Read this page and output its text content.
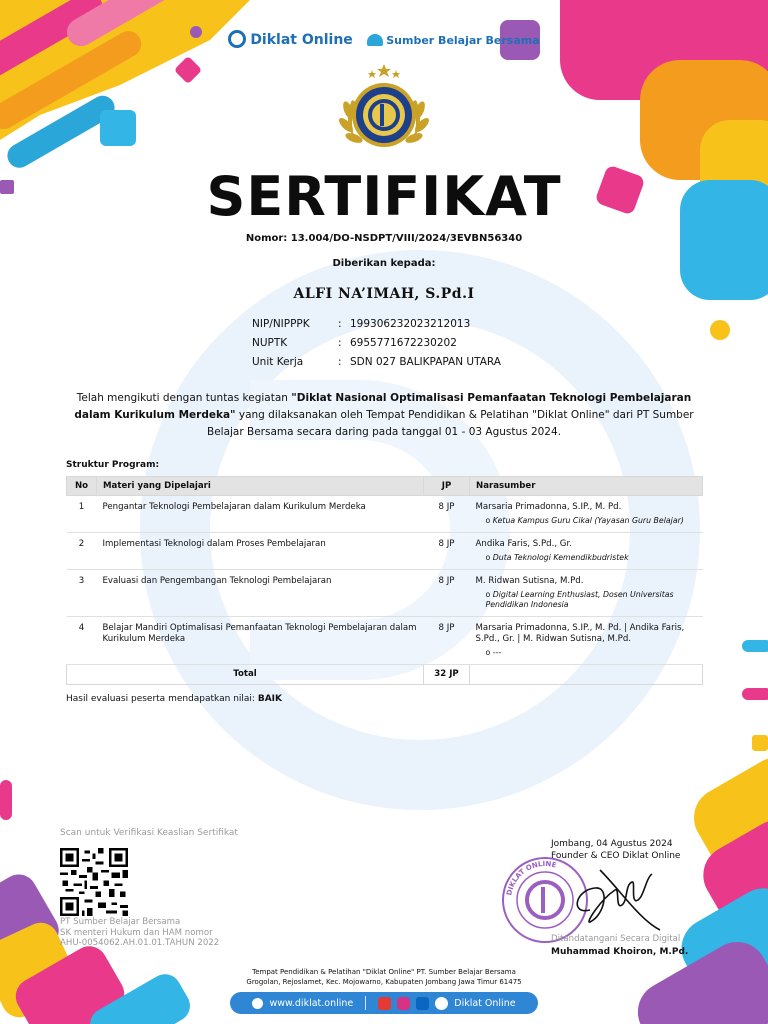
Diklat Online	Sumber Belajar Bersama
SERTIFIKAT
Nomor: 13.004/DO-NSDPT/VIII/2024/3EVBN56340
Diberikan kepada:
ALFI NA’IMAH, S.Pd.I
NIP/NIPPPK	: 199306232023212013
NUPTK	: 6955771672230202
Unit Kerja	: SDN 027 BALIKPAPAN UTARA
Telah mengikuti dengan tuntas kegiatan "Diklat Nasional Optimalisasi Pemanfaatan Teknologi Pembelajaran dalam Kurikulum Merdeka" yang dilaksanakan oleh Tempat Pendidikan & Pelatihan "Diklat Online" dari PT Sumber Belajar Bersama secara daring pada tanggal 01 - 03 Agustus 2024.
Struktur Program:
No	Materi yang Dipelajari	JP	Narasumber
1	Pengantar Teknologi Pembelajaran dalam Kurikulum Merdeka	8 JP	Marsaria Primadonna, S.IP., M. Pd.
o Ketua Kampus Guru Cikal (Yayasan Guru Belajar)

2	Implementasi Teknologi dalam Proses Pembelajaran	8 JP	Andika Faris, S.Pd., Gr.
o Duta Teknologi Kemendikbudristek

3	Evaluasi dan Pengembangan Teknologi Pembelajaran	8 JP	M. Ridwan Sutisna, M.Pd.
o Digital Learning Enthusiast, Dosen Universitas Pendidikan Indonesia

4	Belajar Mandiri Optimalisasi Pemanfaatan Teknologi Pembelajaran dalam Kurikulum Merdeka	8 JP	Marsaria Primadonna, S.IP., M. Pd. | Andika Faris, S.Pd., Gr. | M. Ridwan Sutisna, M.Pd.
o ---

Total		32 JP	
Hasil evaluasi peserta mendapatkan nilai: BAIK
Scan untuk Verifikasi Keaslian Sertifikat
PT Sumber Belajar Bersama
SK menteri Hukum dan HAM nomor
AHU-0054062.AH.01.01.TAHUN 2022
DIKLAT ONLINE
Jombang, 04 Agustus 2024
Founder & CEO Diklat Online
Ditandatangani Secara Digital
Muhammad Khoiron, M.Pd.
Tempat Pendidikan & Pelatihan "Diklat Online" PT. Sumber Belajar Bersama
Grogolan, Rejoslamet, Kec. Mojowarno, Kabupaten Jombang Jawa Timur 61475
www.diklat.online	Diklat Online
